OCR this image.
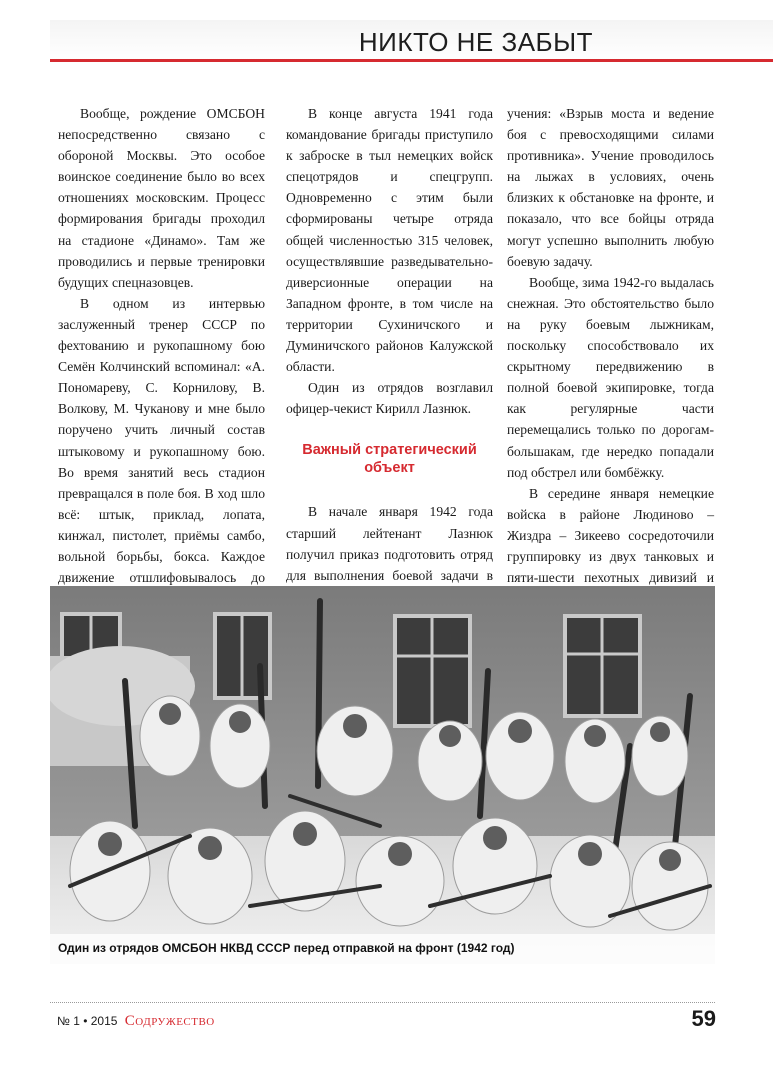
НИКТО НЕ ЗАБЫТ

Вообще, рождение ОМСБОН непосредственно связано с обороной Москвы. Это особое воинское соединение было во всех отношениях московским. Процесс формирования бригады проходил на стадионе «Динамо». Там же проводились и первые тренировки будущих спецназовцев.

В одном из интервью заслуженный тренер СССР по фехтованию и рукопашному бою Семён Колчинский вспоминал: «А. Пономареву, С. Корнилову, В. Волкову, М. Чуканову и мне было поручено учить личный состав штыковому и рукопашному бою. Во время занятий весь стадион превращался в поле боя. В ход шло всё: штык, приклад, лопата, кинжал, пистолет, приёмы самбо, вольной борьбы, бокса. Каждое движение отшлифовывалось до

В конце августа 1941 года командование бригады приступило к заброске в тыл немецких войск спецотрядов и спецгрупп. Одновременно с этим были сформированы четыре отряда общей численностью 315 человек, осуществлявшие разведывательно-диверсионные операции на Западном фронте, в том числе на территории Сухиничского и Думиничского районов Калужской области.

Один из отрядов возглавил офицер-чекист Кирилл Лазнюк.

Важный стратегический объект

В начале января 1942 года старший лейтенант Лазнюк получил приказ подготовить отряд для выполнения боевой задачи в

учения: «Взрыв моста и ведение боя с превосходящими силами противника». Учение проводилось на лыжах в условиях, очень близких к обстановке на фронте, и показало, что все бойцы отряда могут успешно выполнить любую боевую задачу.

Вообще, зима 1942-го выдалась снежная. Это обстоятельство было на руку боевым лыжникам, поскольку способствовало их скрытному передвижению в полной боевой экипировке, тогда как регулярные части перемещались только по дорогам-большакам, где нередко попадали под обстрел или бомбёжку.

В середине января немецкие войска в районе Людиново – Жиздра – Зикеево сосредоточили группировку из двух танковых и пяти-шести пехотных дивизий и

Один из отрядов ОМСБОН НКВД СССР перед отправкой на фронт (1942 год)
№ 1 • 2015 Содружество	59
